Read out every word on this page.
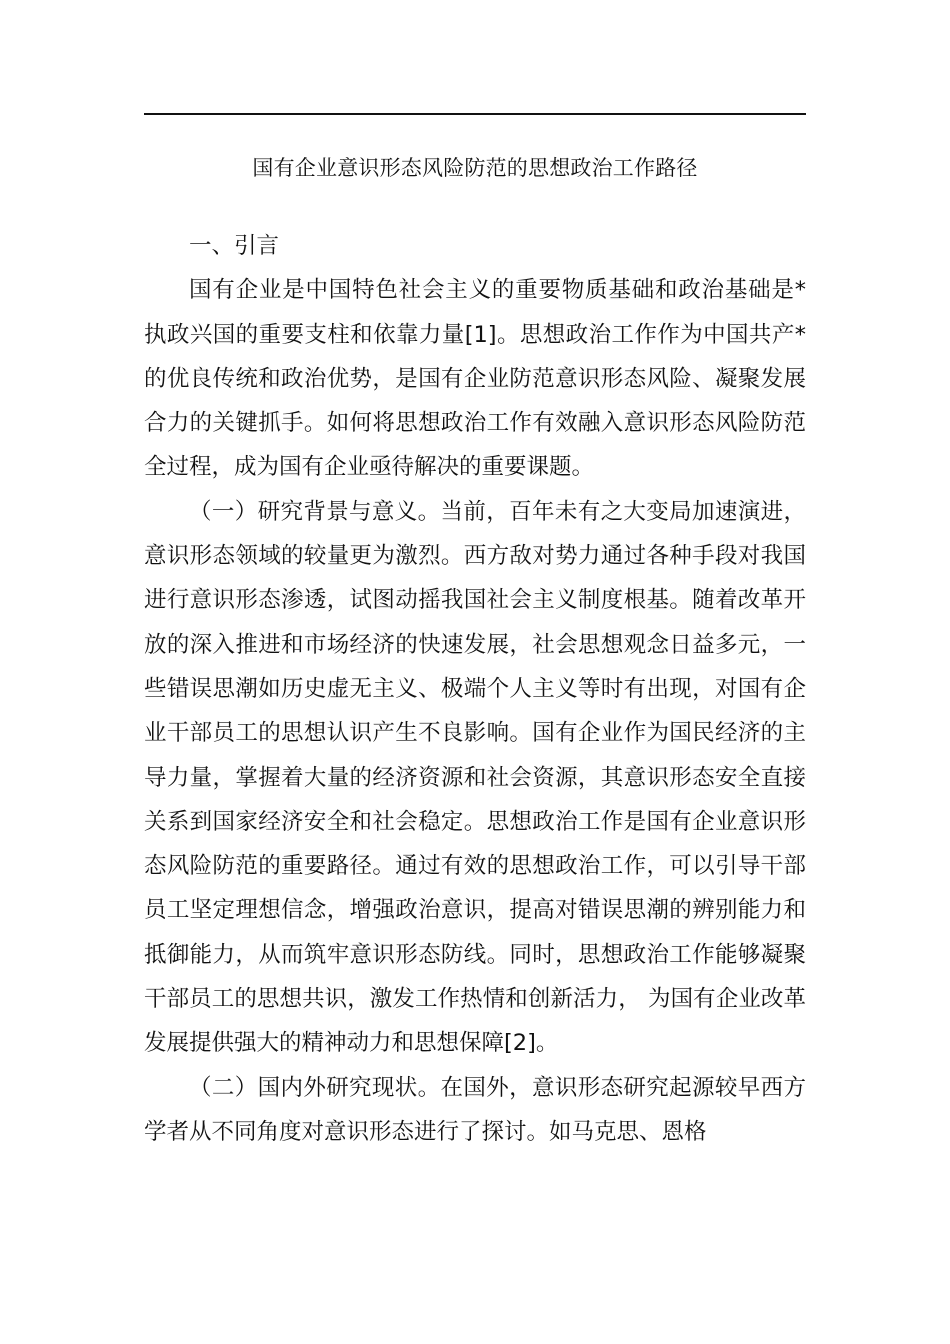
国有企业意识形态风险防范的思想政治工作路径

一、引言

国有企业是中国特色社会主义的重要物质基础和政治基础是*执政兴国的重要支柱和依靠力量[1]。思想政治工作作为中国共产*的优良传统和政治优势，是国有企业防范意识形态风险、凝聚发展合力的关键抓手。如何将思想政治工作有效融入意识形态风险防范全过程，成为国有企业亟待解决的重要课题。

（一）研究背景与意义。当前，百年未有之大变局加速演进，意识形态领域的较量更为激烈。西方敌对势力通过各种手段对我国进行意识形态渗透，试图动摇我国社会主义制度根基。随着改革开放的深入推进和市场经济的快速发展，社会思想观念日益多元，一些错误思潮如历史虚无主义、极端个人主义等时有出现，对国有企业干部员工的思想认识产生不良影响。国有企业作为国民经济的主导力量，掌握着大量的经济资源和社会资源，其意识形态安全直接关系到国家经济安全和社会稳定。思想政治工作是国有企业意识形态风险防范的重要路径。通过有效的思想政治工作，可以引导干部员工坚定理想信念，增强政治意识，提高对错误思潮的辨别能力和抵御能力，从而筑牢意识形态防线。同时，思想政治工作能够凝聚干部员工的思想共识，激发工作热情和创新活力， 为国有企业改革发展提供强大的精神动力和思想保障[2]。

（二）国内外研究现状。在国外，意识形态研究起源较早西方学者从不同角度对意识形态进行了探讨。如马克思、恩格
